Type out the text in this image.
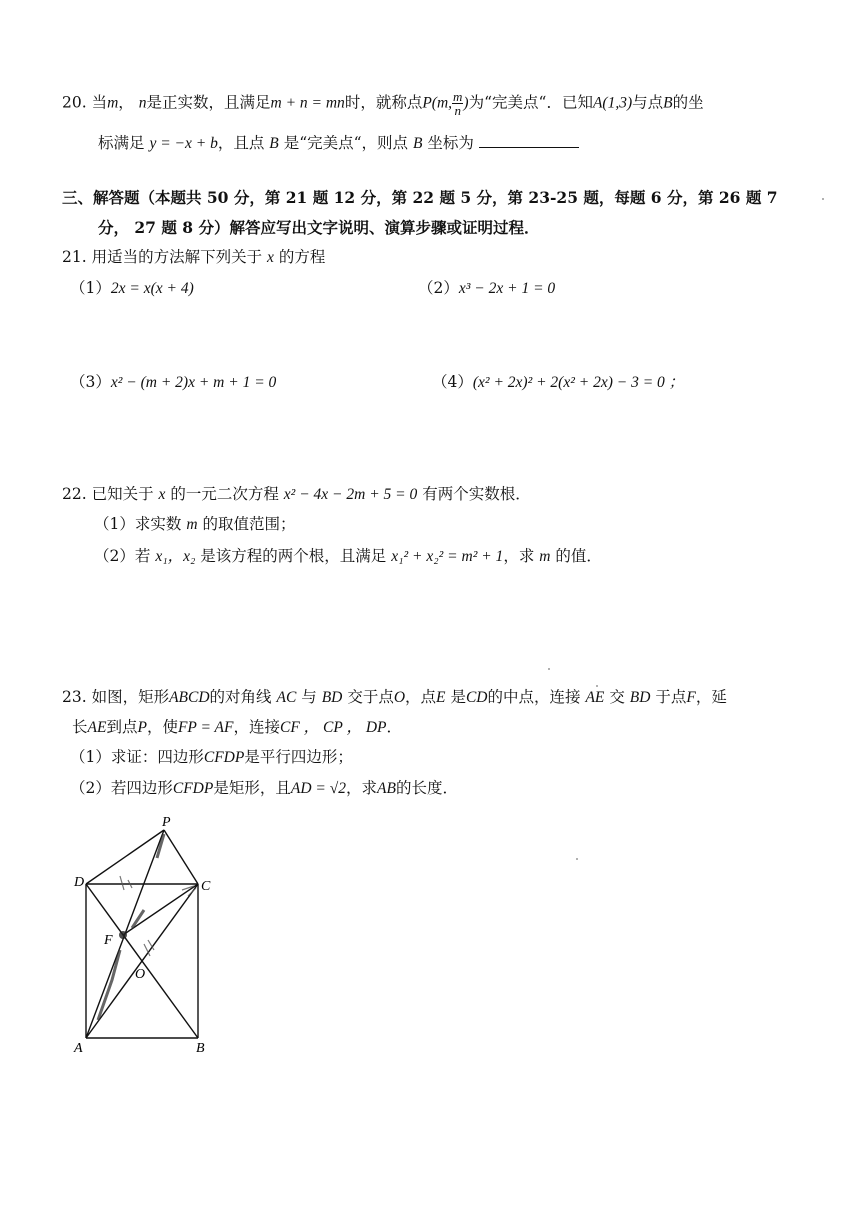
20. 当m， n是正实数，且满足m + n = mn时，就称点P(m, $\frac{m}{n}$ )为“完美点“．已知A(1,3)与点B的坐
标满足 y = −x + b，且点 B 是“完美点“，则点 B 坐标为
三、解答题（本题共 50 分，第 21 题 12 分，第 22 题 5 分，第 23-25 题，每题 6 分，第 26 题 7
分， 27 题 8 分）解答应写出文字说明、演算步骤或证明过程．
21. 用适当的方法解下列关于 x 的方程
（1）2x = x(x + 4)	（2）x³ − 2x + 1 = 0
（3）x² − (m + 2)x + m + 1 = 0	（4）(x² + 2x)² + 2(x² + 2x) − 3 = 0 ；
22. 已知关于 x 的一元二次方程 x² − 4x − 2m + 5 = 0 有两个实数根．
（1）求实数 m 的取值范围；
（2）若 x₁，x₂ 是该方程的两个根，且满足 x₁² + x₂² = m² + 1，求 m 的值．
23. 如图，矩形ABCD的对角线 AC 与 BD 交于点O，点E 是CD的中点，连接 AE 交 BD 于点F，延
长AE到点P，使FP = AF，连接CF ， CP ， DP．
（1）求证：四边形CFDP是平行四边形；
（2）若四边形CFDP是矩形，且AD = √2，求AB的长度．
P
D	C
F
O
A	B
